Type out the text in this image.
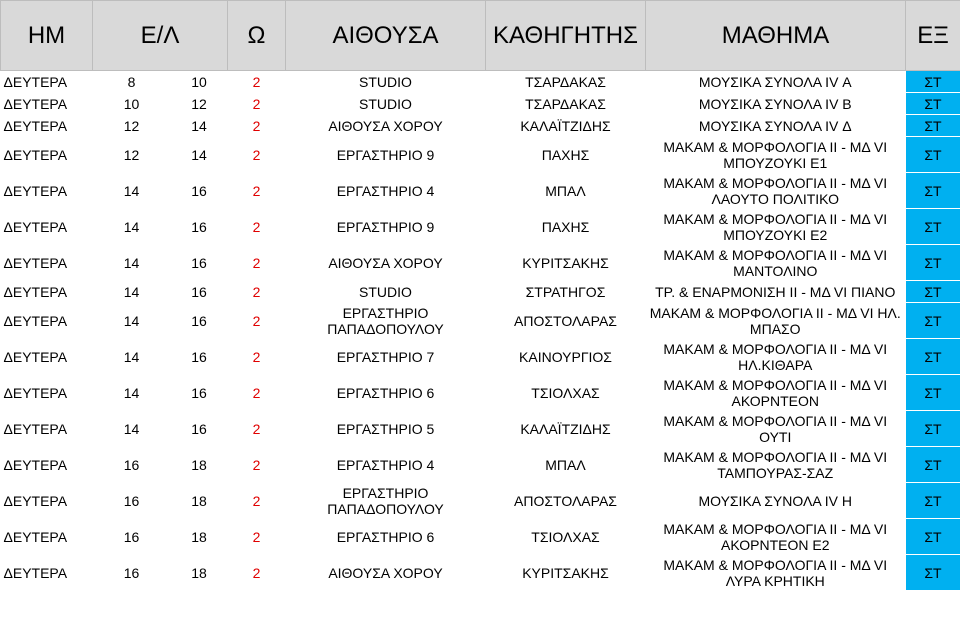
ΗΜ	Ε/Λ		Ω	ΑΙΘΟΥΣΑ	ΚΑΘΗΓΗΤΗΣ	ΜΑΘΗΜΑ	ΕΞ
ΔΕΥΤΕΡΑ	8	10	2	STUDIO	ΤΣΑΡΔΑΚΑΣ	ΜΟΥΣΙΚΑ ΣΥΝΟΛΑ IV Α	ΣΤ
ΔΕΥΤΕΡΑ	10	12	2	STUDIO	ΤΣΑΡΔΑΚΑΣ	ΜΟΥΣΙΚΑ ΣΥΝΟΛΑ IV Β	ΣΤ
ΔΕΥΤΕΡΑ	12	14	2	ΑΙΘΟΥΣΑ ΧΟΡΟΥ	ΚΑΛΑΪΤΖΙΔΗΣ	ΜΟΥΣΙΚΑ ΣΥΝΟΛΑ IV Δ	ΣΤ
ΔΕΥΤΕΡΑ	12	14	2	ΕΡΓΑΣΤΗΡΙΟ 9	ΠΑΧΗΣ	ΜΑΚΑΜ & ΜΟΡΦΟΛΟΓΙΑ ΙΙ - ΜΔ VI
ΜΠΟΥΖΟΥΚΙ Ε1	ΣΤ
ΔΕΥΤΕΡΑ	14	16	2	ΕΡΓΑΣΤΗΡΙΟ 4	ΜΠΑΛ	ΜΑΚΑΜ & ΜΟΡΦΟΛΟΓΙΑ ΙΙ - ΜΔ VI
ΛΑΟΥΤΟ ΠΟΛΙΤΙΚΟ	ΣΤ
ΔΕΥΤΕΡΑ	14	16	2	ΕΡΓΑΣΤΗΡΙΟ 9	ΠΑΧΗΣ	ΜΑΚΑΜ & ΜΟΡΦΟΛΟΓΙΑ ΙΙ - ΜΔ VI
ΜΠΟΥΖΟΥΚΙ Ε2	ΣΤ
ΔΕΥΤΕΡΑ	14	16	2	ΑΙΘΟΥΣΑ ΧΟΡΟΥ	ΚΥΡΙΤΣΑΚΗΣ	ΜΑΚΑΜ & ΜΟΡΦΟΛΟΓΙΑ ΙΙ - ΜΔ VI
ΜΑΝΤΟΛΙΝΟ	ΣΤ
ΔΕΥΤΕΡΑ	14	16	2	STUDIO	ΣΤΡΑΤΗΓΟΣ	ΤΡ. & ΕΝΑΡΜΟΝΙΣΗ ΙΙ - ΜΔ VI ΠΙΑΝΟ	ΣΤ
ΔΕΥΤΕΡΑ	14	16	2	ΕΡΓΑΣΤΗΡΙΟ
ΠΑΠΑΔΟΠΟΥΛΟΥ	ΑΠΟΣΤΟΛΑΡΑΣ	ΜΑΚΑΜ & ΜΟΡΦΟΛΟΓΙΑ ΙΙ - ΜΔ VI ΗΛ.
ΜΠΑΣΟ	ΣΤ
ΔΕΥΤΕΡΑ	14	16	2	ΕΡΓΑΣΤΗΡΙΟ 7	ΚΑΙΝΟΥΡΓΙΟΣ	ΜΑΚΑΜ & ΜΟΡΦΟΛΟΓΙΑ ΙΙ - ΜΔ VI
ΗΛ.ΚΙΘΑΡΑ	ΣΤ
ΔΕΥΤΕΡΑ	14	16	2	ΕΡΓΑΣΤΗΡΙΟ 6	ΤΣΙΟΛΧΑΣ	ΜΑΚΑΜ & ΜΟΡΦΟΛΟΓΙΑ ΙΙ - ΜΔ VI
ΑΚΟΡΝΤΕΟΝ	ΣΤ
ΔΕΥΤΕΡΑ	14	16	2	ΕΡΓΑΣΤΗΡΙΟ 5	ΚΑΛΑΪΤΖΙΔΗΣ	ΜΑΚΑΜ & ΜΟΡΦΟΛΟΓΙΑ ΙΙ - ΜΔ VI
ΟΥΤΙ	ΣΤ
ΔΕΥΤΕΡΑ	16	18	2	ΕΡΓΑΣΤΗΡΙΟ 4	ΜΠΑΛ	ΜΑΚΑΜ & ΜΟΡΦΟΛΟΓΙΑ ΙΙ - ΜΔ VI
ΤΑΜΠΟΥΡΑΣ-ΣΑΖ	ΣΤ
ΔΕΥΤΕΡΑ	16	18	2	ΕΡΓΑΣΤΗΡΙΟ
ΠΑΠΑΔΟΠΟΥΛΟΥ	ΑΠΟΣΤΟΛΑΡΑΣ	ΜΟΥΣΙΚΑ ΣΥΝΟΛΑ IV Η	ΣΤ
ΔΕΥΤΕΡΑ	16	18	2	ΕΡΓΑΣΤΗΡΙΟ 6	ΤΣΙΟΛΧΑΣ	ΜΑΚΑΜ & ΜΟΡΦΟΛΟΓΙΑ ΙΙ - ΜΔ VI
ΑΚΟΡΝΤΕΟΝ Ε2	ΣΤ
ΔΕΥΤΕΡΑ	16	18	2	ΑΙΘΟΥΣΑ ΧΟΡΟΥ	ΚΥΡΙΤΣΑΚΗΣ	ΜΑΚΑΜ & ΜΟΡΦΟΛΟΓΙΑ ΙΙ - ΜΔ VI
ΛΥΡΑ ΚΡΗΤΙΚΗ	ΣΤ
